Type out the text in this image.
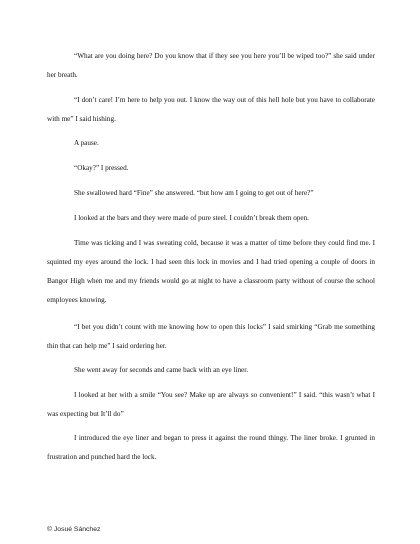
“What are you doing here? Do you know that if they see you here you’ll be wiped too?” she said under her breath.

“I don’t care! I’m here to help you out. I know the way out of this hell hole but you have to collaborate with me” I said hishing.

A pause.

“Okay?” I pressed.

She swallowed hard “Fine” she answered. “but how am I going to get out of here?”

I looked at the bars and they were made of pure steel. I couldn’t break them open.

Time was ticking and I was sweating cold, because it was a matter of time before they could find me. I squinted my eyes around the lock. I had seen this lock in movies and I had tried opening a couple of doors in Bangor High when me and my friends would go at night to have a classroom party without of course the school employees knowing.

“I bet you didn’t count with me knowing how to open this locks” I said smirking “Grab me something thin that can help me” I said ordering her.

She went away for seconds and came back with an eye liner.

I looked at her with a smile “You see? Make up are always so convenient!” I said. “this wasn’t what I was expecting but It’ll do”

I introduced the eye liner and began to press it against the round thingy. The liner broke. I grunted in frustration and punched hard the lock.

© Josué Sánchez
